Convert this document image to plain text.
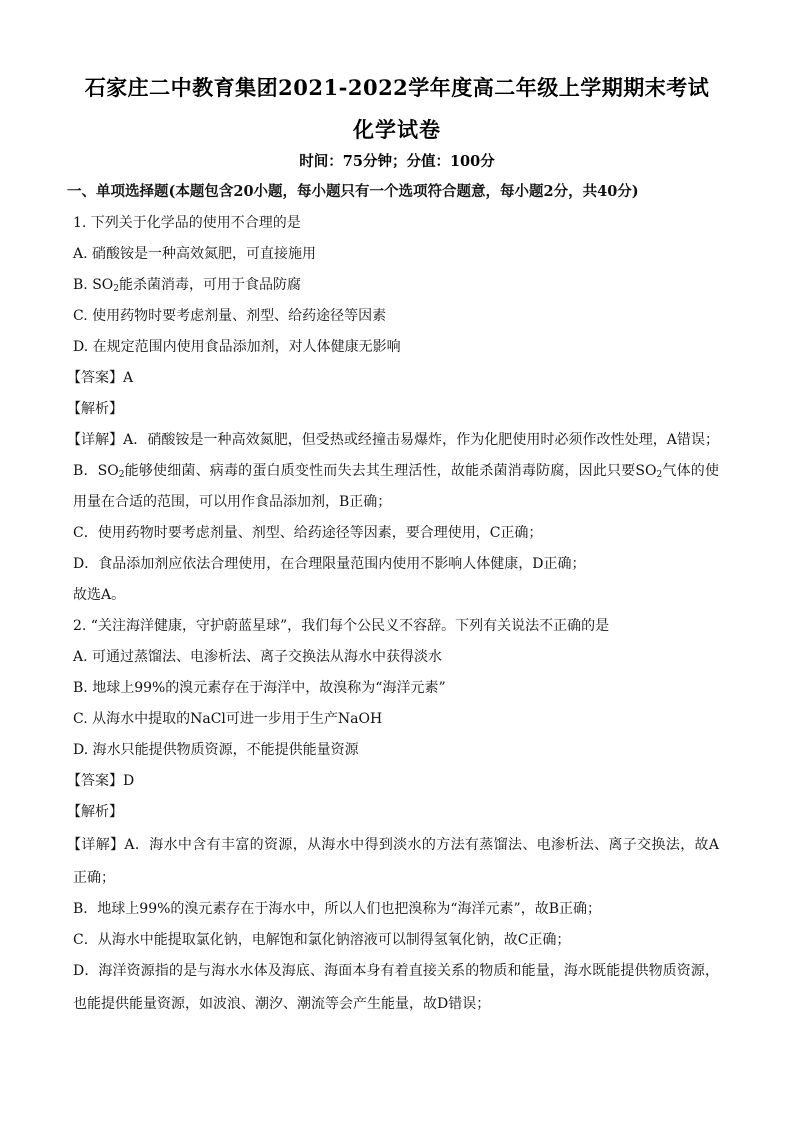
石家庄二中教育集团2021-2022学年度高二年级上学期期末考试
化学试卷
时间：75分钟；分值：100分
一、单项选择题(本题包含20小题，每小题只有一个选项符合题意，每小题2分，共40分)
1. 下列关于化学品的使用不合理的是
A. 硝酸铵是一种高效氮肥，可直接施用
B. $SO_2$能杀菌消毒，可用于食品防腐
C. 使用药物时要考虑剂量、剂型、给药途径等因素
D. 在规定范围内使用食品添加剂，对人体健康无影响
【答案】A
【解析】
【详解】A．硝酸铵是一种高效氮肥，但受热或经撞击易爆炸，作为化肥使用时必须作改性处理，A错误；
B．$SO_2$能够使细菌、病毒的蛋白质变性而失去其生理活性，故能杀菌消毒防腐，因此只要$SO_2$气体的使
用量在合适的范围，可以用作食品添加剂，B正确；
C．使用药物时要考虑剂量、剂型、给药途径等因素，要合理使用，C正确；
D．食品添加剂应依法合理使用，在合理限量范围内使用不影响人体健康，D正确；
故选A。
2. “关注海洋健康，守护蔚蓝星球”，我们每个公民义不容辞。下列有关说法不正确的是
A. 可通过蒸馏法、电渗析法、离子交换法从海水中获得淡水
B. 地球上99%的溴元素存在于海洋中，故溴称为“海洋元素”
C. 从海水中提取的NaCl可进一步用于生产NaOH
D. 海水只能提供物质资源，不能提供能量资源
【答案】D
【解析】
【详解】A．海水中含有丰富的资源，从海水中得到淡水的方法有蒸馏法、电渗析法、离子交换法，故A
正确；
B．地球上99%的溴元素存在于海水中，所以人们也把溴称为“海洋元素”，故B正确；
C．从海水中能提取氯化钠，电解饱和氯化钠溶液可以制得氢氧化钠，故C正确；
D．海洋资源指的是与海水水体及海底、海面本身有着直接关系的物质和能量，海水既能提供物质资源，
也能提供能量资源，如波浪、潮汐、潮流等会产生能量，故D错误；
